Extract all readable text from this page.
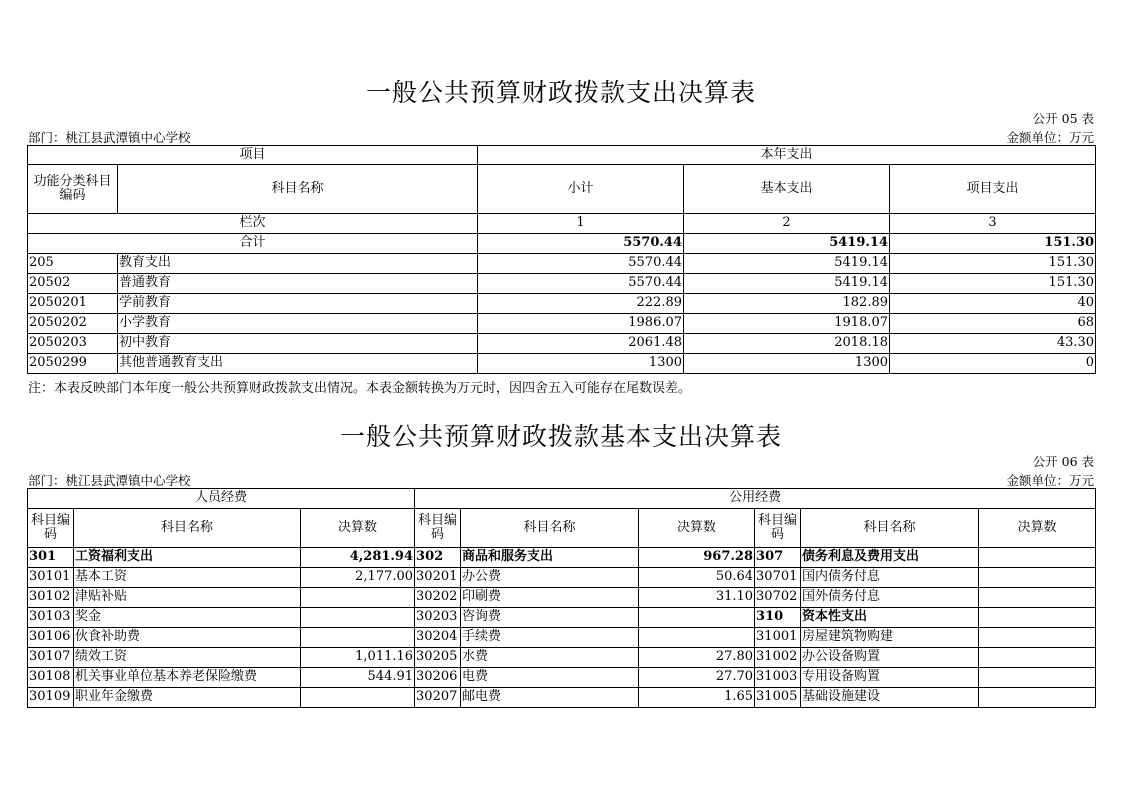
一般公共预算财政拨款支出决算表
公开 05 表
部门：桃江县武潭镇中心学校	金额单位：万元
项目		本年支出		
功能分类科目编码	科目名称	小计	基本支出	项目支出
栏次		1	2	3
合计		5570.44	5419.14	151.30
205	教育支出	5570.44	5419.14	151.30
20502	普通教育	5570.44	5419.14	151.30
2050201	学前教育	222.89	182.89	40
2050202	小学教育	1986.07	1918.07	68
2050203	初中教育	2061.48	2018.18	43.30
2050299	其他普通教育支出	1300	1300	0
注：本表反映部门本年度一般公共预算财政拨款支出情况。本表金额转换为万元时，因四舍五入可能存在尾数误差。
一般公共预算财政拨款基本支出决算表
公开 06 表
部门：桃江县武潭镇中心学校	金额单位：万元
人员经费			公用经费					
科目编码	科目名称	决算数	科目编码	科目名称	决算数	科目编码	科目名称	决算数
301	工资福利支出	4,281.94	302	商品和服务支出	967.28	307	债务利息及费用支出	
30101	基本工资	2,177.00	30201	办公费	50.64	30701	国内债务付息	
30102	津贴补贴		30202	印刷费	31.10	30702	国外债务付息	
30103	奖金		30203	咨询费		310	资本性支出	
30106	伙食补助费		30204	手续费		31001	房屋建筑物购建	
30107	绩效工资	1,011.16	30205	水费	27.80	31002	办公设备购置	
30108	机关事业单位基本养老保险缴费	544.91	30206	电费	27.70	31003	专用设备购置	
30109	职业年金缴费		30207	邮电费	1.65	31005	基础设施建设	
